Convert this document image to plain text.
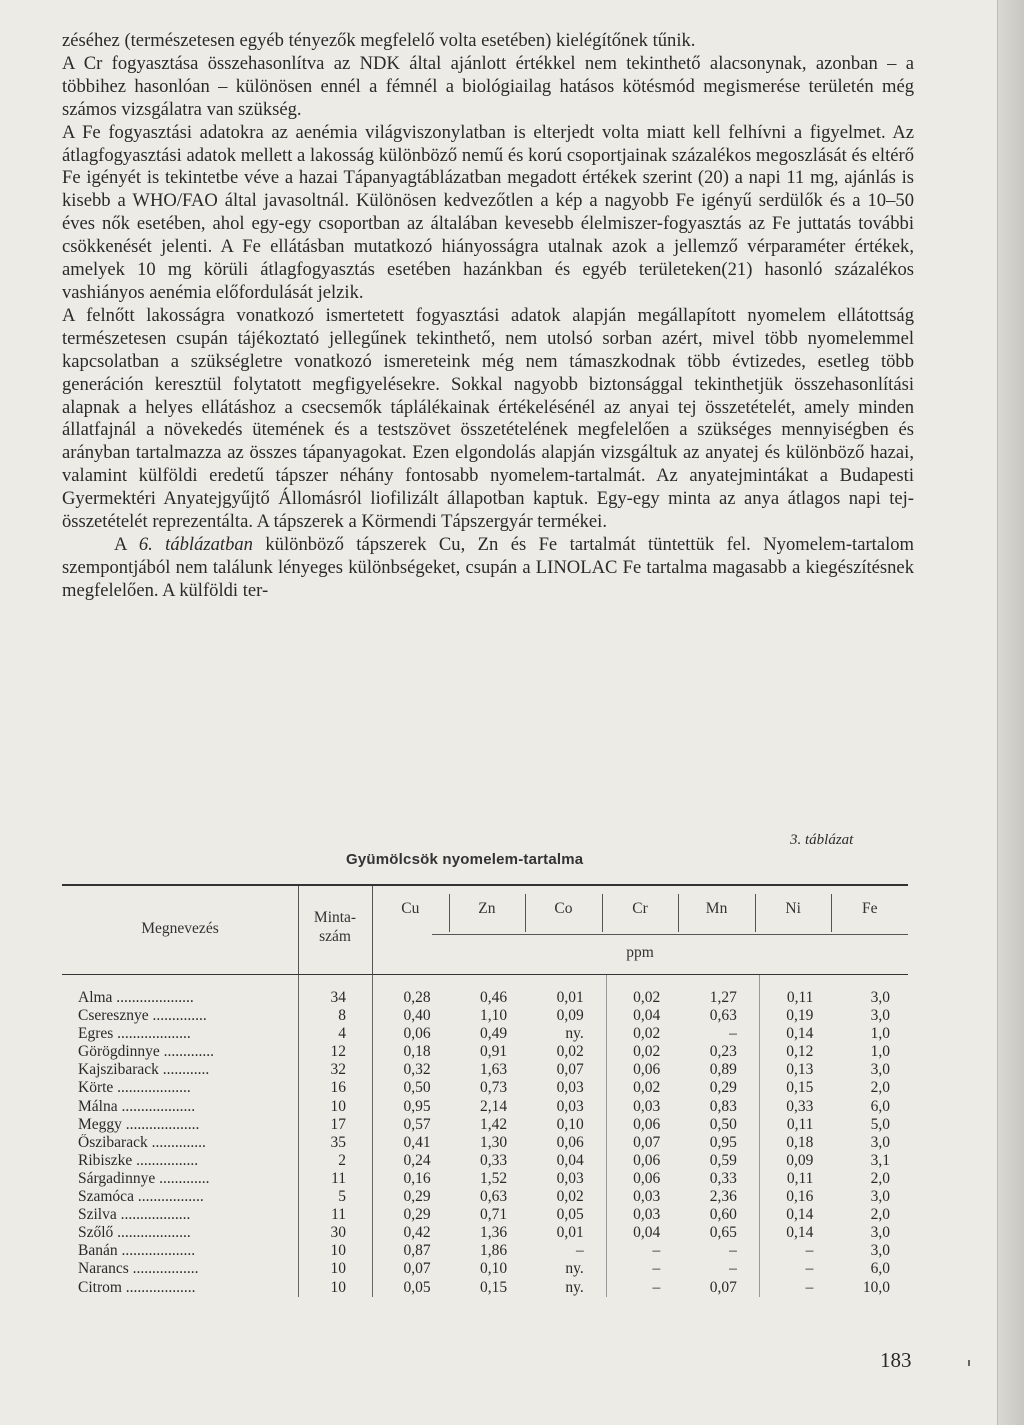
zéséhez (természetesen egyéb tényezők megfelelő volta esetében) kielégítőnek tűnik.

A Cr fogyasztása összehasonlítva az NDK által ajánlott értékkel nem tekinthető alacsonynak, azonban – a többihez hasonlóan – különösen ennél a fémnél a biológiailag hatásos kötésmód megismerése területén még számos vizsgálatra van szükség.

A Fe fogyasztási adatokra az aenémia világviszonylatban is elterjedt volta miatt kell felhívni a figyelmet. Az átlagfogyasztási adatok mellett a lakosság különböző nemű és korú csoportjainak százalékos megoszlását és eltérő Fe igényét is tekintetbe véve a hazai Tápanyagtáblázatban megadott értékek szerint (20) a napi 11 mg, ajánlás is kisebb a WHO/FAO által javasoltnál. Különösen kedvezőtlen a kép a nagyobb Fe igényű serdülők és a 10–50 éves nők esetében, ahol egy-egy csoportban az általában kevesebb élelmiszer-fogyasztás az Fe juttatás további csökkenését jelenti. A Fe ellátásban mutatkozó hiányosságra utalnak azok a jellemző vérparaméter értékek, amelyek 10 mg körüli átlagfogyasztás esetében hazánkban és egyéb területeken(21) hasonló százalékos vashiányos aenémia előfordulását jelzik.

A felnőtt lakosságra vonatkozó ismertetett fogyasztási adatok alapján megállapított nyomelem ellátottság természetesen csupán tájékoztató jellegűnek tekinthető, nem utolsó sorban azért, mivel több nyomelemmel kapcsolatban a szükségletre vonatkozó ismereteink még nem támaszkodnak több évtizedes, esetleg több generáción keresztül folytatott megfigyelésekre. Sokkal nagyobb biztonsággal tekinthetjük összehasonlítási alapnak a helyes ellátáshoz a csecsemők táplálékainak értékelésénél az anyai tej összetételét, amely minden állatfajnál a növekedés ütemének és a testszövet összetételének megfelelően a szükséges mennyiségben és arányban tartalmazza az összes tápanyagokat. Ezen elgondolás alapján vizsgáltuk az anyatej és különböző hazai, valamint külföldi eredetű tápszer néhány fontosabb nyomelem-tartalmát. Az anyatejmintákat a Budapesti Gyermektéri Anyatejgyűjtő Állomásról liofilizált állapotban kaptuk. Egy-egy minta az anya átlagos napi tej-összetételét reprezentálta. A tápszerek a Körmendi Tápszergyár termékei.

A 6. táblázatban különböző tápszerek Cu, Zn és Fe tartalmát tüntettük fel. Nyomelem-tartalom szempontjából nem találunk lényeges különbségeket, csupán a LINOLAC Fe tartalma magasabb a kiegészítésnek megfelelően. A külföldi ter-

3. táblázat
Gyümölcsök nyomelem-tartalma
Megnevezés
Minta-szám
Cu	Zn	Co	Cr	Mn	Ni	Fe
ppm
Alma ....................	34	0,28	0,46	0,01	0,02	1,27	0,11	3,0
Cseresznye ..............	8	0,40	1,10	0,09	0,04	0,63	0,19	3,0
Egres ...................	4	0,06	0,49	ny.	0,02	–	0,14	1,0
Görögdinnye .............	12	0,18	0,91	0,02	0,02	0,23	0,12	1,0
Kajszibarack ............	32	0,32	1,63	0,07	0,06	0,89	0,13	3,0
Körte ...................	16	0,50	0,73	0,03	0,02	0,29	0,15	2,0
Málna ...................	10	0,95	2,14	0,03	0,03	0,83	0,33	6,0
Meggy ...................	17	0,57	1,42	0,10	0,06	0,50	0,11	5,0
Őszibarack ..............	35	0,41	1,30	0,06	0,07	0,95	0,18	3,0
Ribiszke ................	2	0,24	0,33	0,04	0,06	0,59	0,09	3,1
Sárgadinnye .............	11	0,16	1,52	0,03	0,06	0,33	0,11	2,0
Szamóca .................	5	0,29	0,63	0,02	0,03	2,36	0,16	3,0
Szilva ..................	11	0,29	0,71	0,05	0,03	0,60	0,14	2,0
Szőlő ...................	30	0,42	1,36	0,01	0,04	0,65	0,14	3,0
Banán ...................	10	0,87	1,86	–	–	–	–	3,0
Narancs .................	10	0,07	0,10	ny.	–	–	–	6,0
Citrom ..................	10	0,05	0,15	ny.	–	0,07	–	10,0
183
